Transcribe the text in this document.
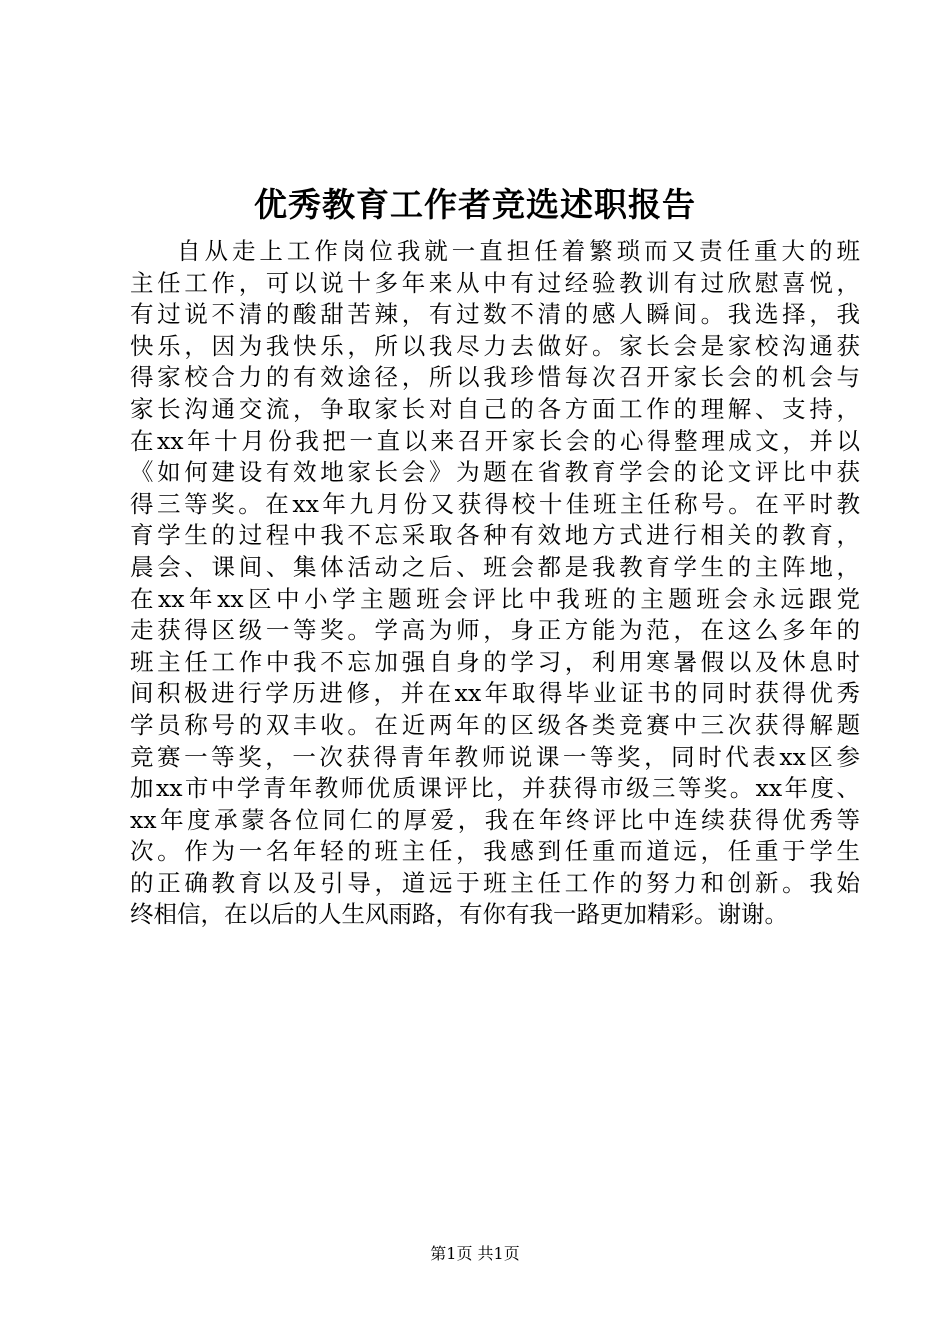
优秀教育工作者竞选述职报告
自从走上工作岗位我就一直担任着繁琐而又责任重大的班
主任工作，可以说十多年来从中有过经验教训有过欣慰喜悦，
有过说不清的酸甜苦辣，有过数不清的感人瞬间。我选择，我
快乐，因为我快乐，所以我尽力去做好。家长会是家校沟通获
得家校合力的有效途径，所以我珍惜每次召开家长会的机会与
家长沟通交流，争取家长对自己的各方面工作的理解、支持，
在xx年十月份我把一直以来召开家长会的心得整理成文，并以
《如何建设有效地家长会》为题在省教育学会的论文评比中获
得三等奖。在xx年九月份又获得校十佳班主任称号。在平时教
育学生的过程中我不忘采取各种有效地方式进行相关的教育，
晨会、课间、集体活动之后、班会都是我教育学生的主阵地，
在xx年xx区中小学主题班会评比中我班的主题班会永远跟党
走获得区级一等奖。学高为师，身正方能为范，在这么多年的
班主任工作中我不忘加强自身的学习，利用寒暑假以及休息时
间积极进行学历进修，并在xx年取得毕业证书的同时获得优秀
学员称号的双丰收。在近两年的区级各类竞赛中三次获得解题
竞赛一等奖，一次获得青年教师说课一等奖，同时代表xx区参
加xx市中学青年教师优质课评比，并获得市级三等奖。xx年度、
xx年度承蒙各位同仁的厚爱，我在年终评比中连续获得优秀等
次。作为一名年轻的班主任，我感到任重而道远，任重于学生
的正确教育以及引导，道远于班主任工作的努力和创新。我始
终相信，在以后的人生风雨路，有你有我一路更加精彩。谢谢。
第1页 共1页
